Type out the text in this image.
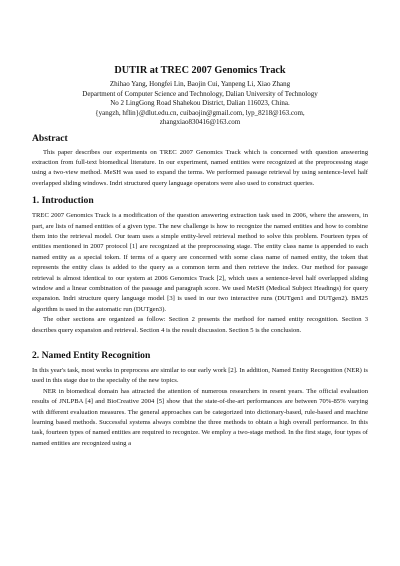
DUTIR at TREC 2007 Genomics Track
Zhihao Yang, Hongfei Lin, Baojin Cui, Yanpeng Li, Xiao Zhang
Department of Computer Science and Technology, Dalian University of Technology
No 2 LingGong Road Shahekou District, Dalian 116023, China.
{yangzh, hflin}@dlut.edu.cn, cuibaojin@gmail.com, lyp_8218@163.com,
zhangxiao830416@163.com
Abstract

This paper describes our experiments on TREC 2007 Genomics Track which is concerned with question answering extraction from full-text biomedical literature. In our experiment, named entities were recognized at the preprocessing stage using a two-view method. MeSH was used to expand the terms. We performed passage retrieval by using sentence-level half overlapped sliding windows. Indri structured query language operators were also used to construct queries.

1. Introduction

TREC 2007 Genomics Track is a modification of the question answering extraction task used in 2006, where the answers, in part, are lists of named entities of a given type. The new challenge is how to recognize the named entities and how to combine them into the retrieval model. Our team uses a simple entity-level retrieval method to solve this problem. Fourteen types of entities mentioned in 2007 protocol [1] are recognized at the preprocessing stage. The entity class name is appended to each named entity as a special token. If terms of a query are concerned with some class name of named entity, the token that represents the entity class is added to the query as a common term and then retrieve the index. Our method for passage retrieval is almost identical to our system at 2006 Genomics Track [2], which uses a sentence-level half overlapped sliding window and a linear combination of the passage and paragraph score. We used MeSH (Medical Subject Headings) for query expansion. Indri structure query language model [3] is used in our two interactive runs (DUTgen1 and DUTgen2). BM25 algorithm is used in the automatic run (DUTgen3).

The other sections are organized as follow: Section 2 presents the method for named entity recognition. Section 3 describes query expansion and retrieval. Section 4 is the result discussion. Section 5 is the conclusion.

2. Named Entity Recognition

In this year's task, most works in preprocess are similar to our early work [2]. In addition, Named Entity Recognition (NER) is used in this stage due to the specialty of the new topics.

NER in biomedical domain has attracted the attention of numerous researchers in resent years. The official evaluation results of JNLPBA [4] and BioCreative 2004 [5] show that the state-of-the-art performances are between 70%-85% varying with different evaluation measures. The general approaches can be categorized into dictionary-based, rule-based and machine learning based methods. Successful systems always combine the three methods to obtain a high overall performance. In this task, fourteen types of named entities are required to recognize. We employ a two-stage method. In the first stage, four types of named entities are recognized using a
